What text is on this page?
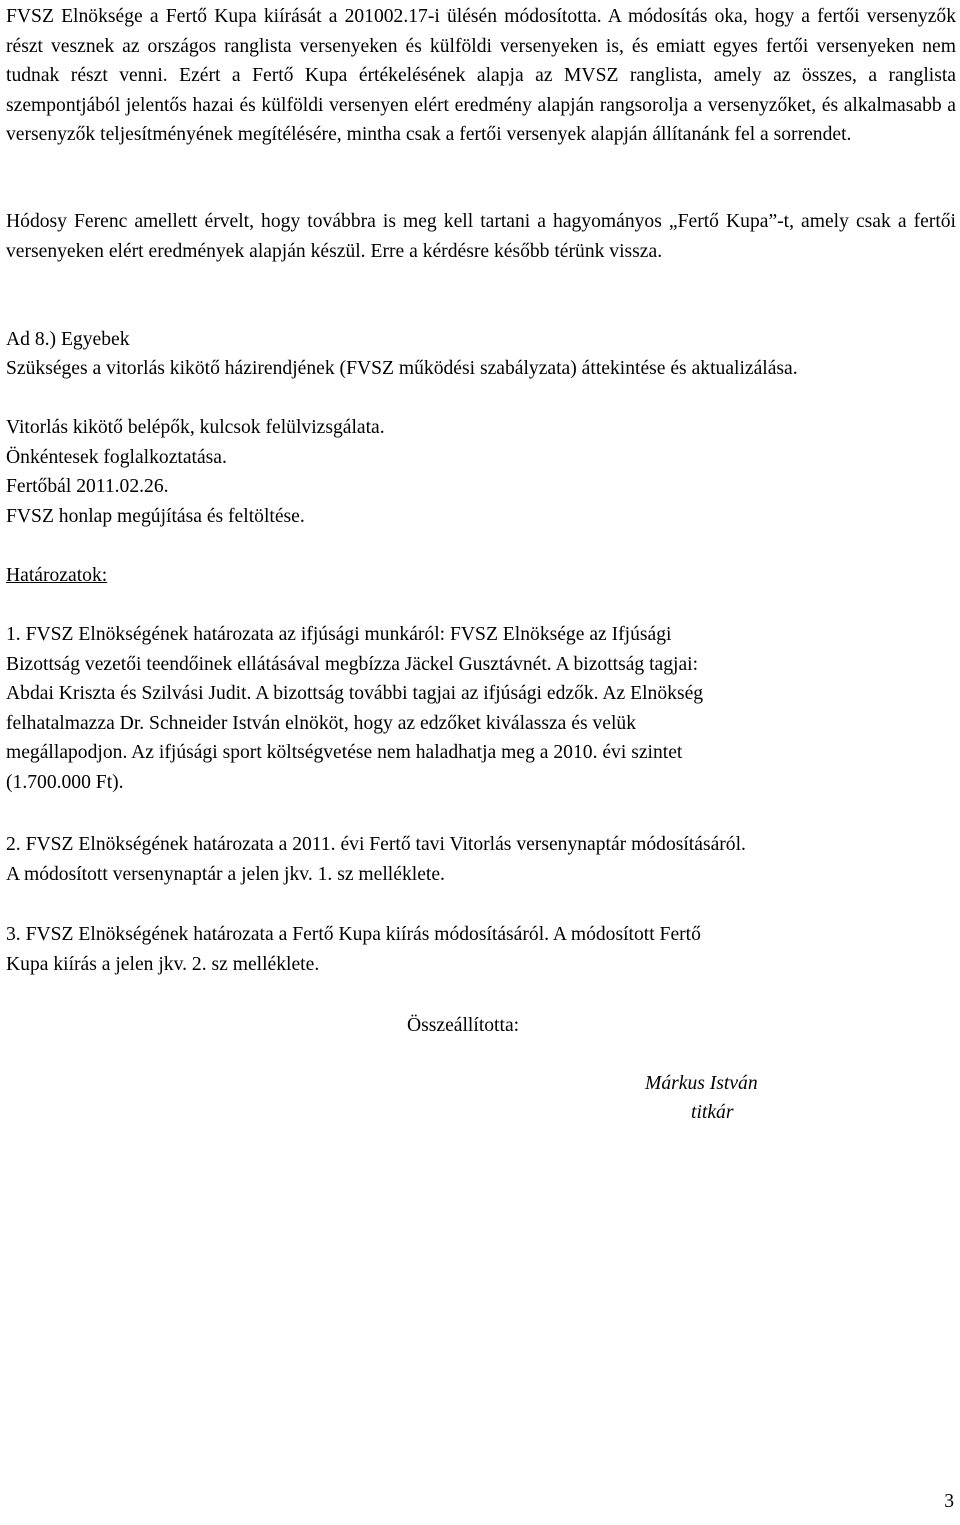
FVSZ Elnöksége a Fertő Kupa kiírását a 201002.17-i ülésén módosította. A módosítás oka, hogy a fertői versenyzők részt vesznek az országos ranglista versenyeken és külföldi versenyeken is, és emiatt egyes fertői versenyeken nem tudnak részt venni. Ezért a Fertő Kupa értékelésének alapja az MVSZ ranglista, amely az összes, a ranglista szempontjából jelentős hazai és külföldi versenyen elért eredmény alapján rangsorolja a versenyzőket, és alkalmasabb a versenyzők teljesítményének megítélésére, mintha csak a fertői versenyek alapján állítanánk fel a sorrendet.

Hódosy Ferenc amellett érvelt, hogy továbbra is meg kell tartani a hagyományos „Fertő Kupa”-t, amely csak a fertői versenyeken elért eredmények alapján készül. Erre a kérdésre később térünk vissza.

Ad 8.) Egyebek

Szükséges a vitorlás kikötő házirendjének (FVSZ működési szabályzata) áttekintése és aktualizálása.

Vitorlás kikötő belépők, kulcsok felülvizsgálata.
Önkéntesek foglalkoztatása.
Fertőbál 2011.02.26.
FVSZ honlap megújítása és feltöltése.

Határozatok:

1. FVSZ Elnökségének határozata az ifjúsági munkáról: FVSZ Elnöksége az Ifjúsági
Bizottság vezetői teendőinek ellátásával megbízza Jäckel Gusztávnét. A bizottság tagjai:
Abdai Kriszta és Szilvási Judit. A bizottság további tagjai az ifjúsági edzők. Az Elnökség
felhatalmazza Dr. Schneider István elnököt, hogy az edzőket kiválassza és velük
megállapodjon. Az ifjúsági sport költségvetése nem haladhatja meg a 2010. évi szintet
(1.700.000 Ft).
2. FVSZ Elnökségének határozata a 2011. évi Fertő tavi Vitorlás versenynaptár módosításáról.
A módosított versenynaptár a jelen jkv. 1. sz melléklete.
3. FVSZ Elnökségének határozata a Fertő Kupa kiírás módosításáról. A módosított Fertő
Kupa kiírás a jelen jkv. 2. sz melléklete.
Összeállította:
Márkus István
titkár
3
